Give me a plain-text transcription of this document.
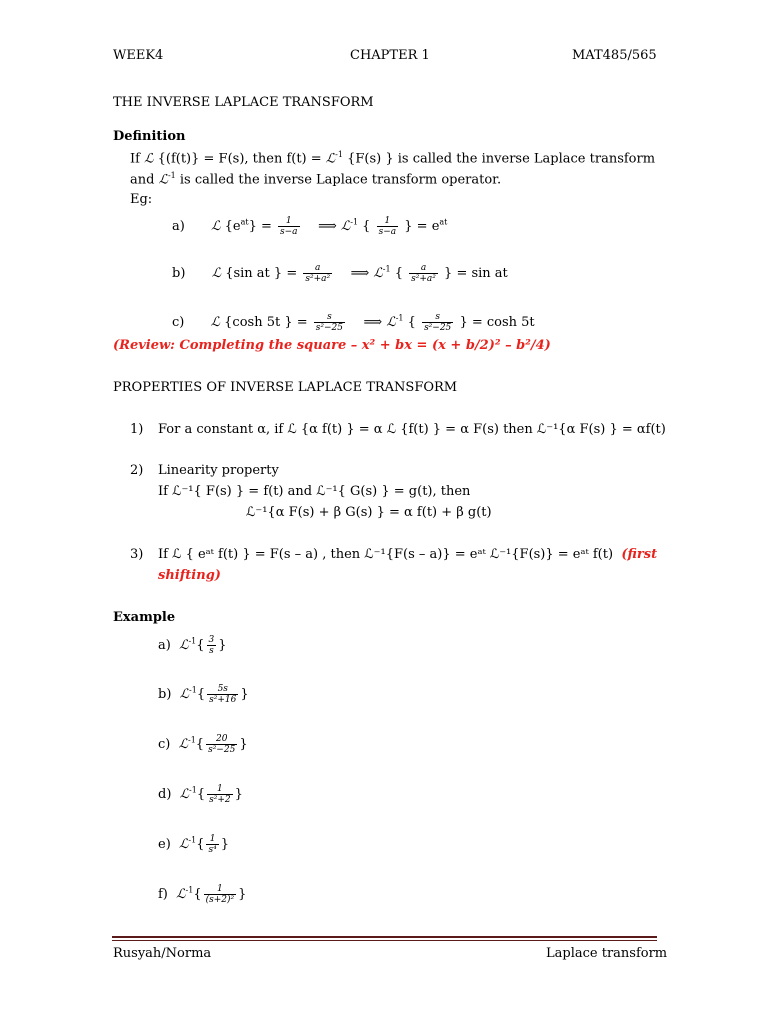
WEEK4	CHAPTER 1	MAT485/565
THE INVERSE LAPLACE TRANSFORM
Definition
If ℒ {(f(t)} = F(s), then f(t) = ℒ$^{-1}$ {F(s) } is called the inverse Laplace transform
and ℒ$^{-1}$ is called the inverse Laplace transform operator.
Eg:
a) ℒ $\{e^{at}\} = \frac{1}{s-a}$ ⟹ ℒ$^{-1}$ { $\frac{1}{s-a}$ } = $e^{at}$
b) ℒ {sin at } = $\frac{a}{\text{s²+a²}}$ ⟹ ℒ$^{-1}$ { $\frac{a}{\text{s²+a²}}$ } = sin at
c) ℒ {cosh 5t } = $\frac{s}{\text{s²−25}}$ ⟹ ℒ$^{-1}$ { $\frac{s}{\text{s²−25}}$ } = cosh 5t
(Review: Completing the square – x² + bx = (x + b/2)² – b²/4)
PROPERTIES OF INVERSE LAPLACE TRANSFORM
1) For a constant α, if ℒ {α f(t) } = α ℒ {f(t) } = α F(s) then ℒ⁻¹{α F(s) } = αf(t)
2) Linearity property
If ℒ⁻¹{ F(s) } = f(t) and ℒ⁻¹{ G(s) } = g(t), then
ℒ⁻¹{α F(s) + β G(s) } = α f(t) + β g(t)
3) If ℒ { eᵃᵗ f(t) } = F(s – a) , then ℒ⁻¹{F(s – a)} = eᵃᵗ ℒ⁻¹{F(s)} = eᵃᵗ f(t) (first
shifting)
Example
a) ℒ$^{-1}${ $\frac{3}{s}$ }
b) ℒ$^{-1}${ $\frac{5s}{\text{s²+16}}$ }
c) ℒ$^{-1}${ $\frac{20}{\text{s²−25}}$ }
d) ℒ$^{-1}${ $\frac{1}{\text{s²+2}}$ }
e) ℒ$^{-1}${ $\frac{1}{\text{s⁴}}$ }
f) ℒ$^{-1}${ $\frac{1}{\text{(s+2)²}}$ }
Rusyah/Norma	Laplace transform
